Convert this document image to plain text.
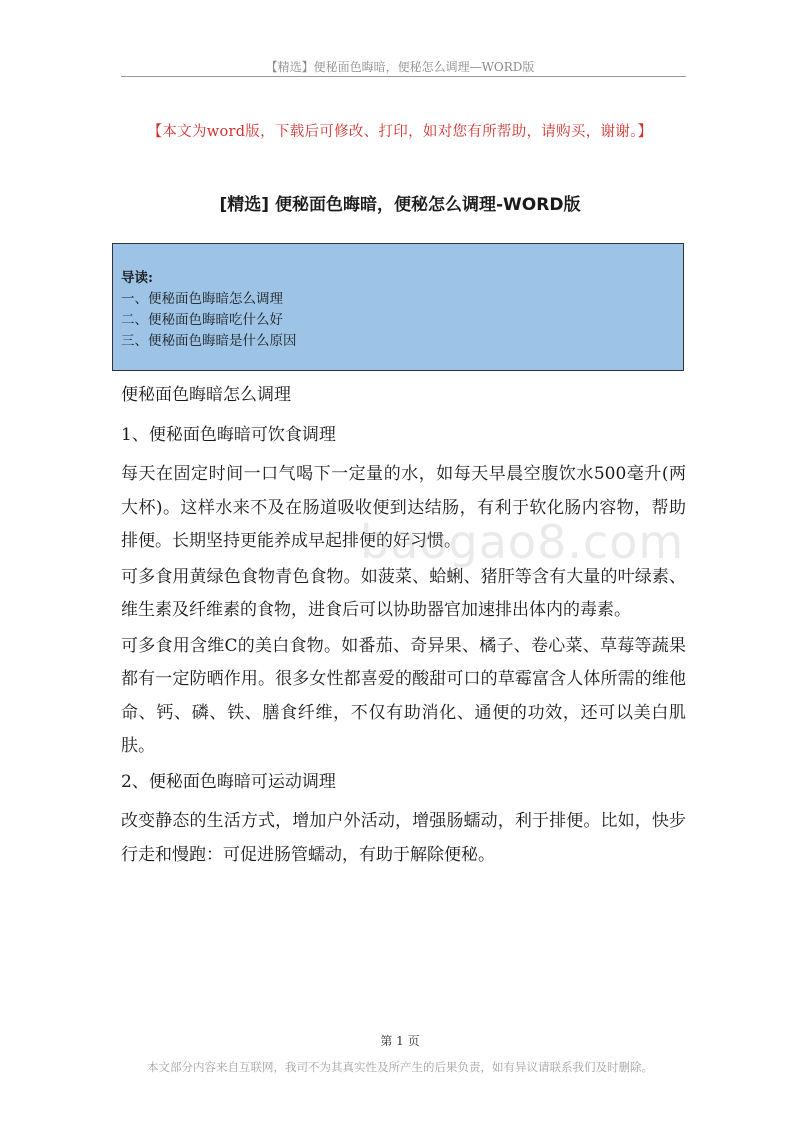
【精选】便秘面色晦暗，便秘怎么调理—WORD版
【本文为word版，下载后可修改、打印，如对您有所帮助，请购买，谢谢。】
[精选] 便秘面色晦暗，便秘怎么调理-WORD版
导读:
一、便秘面色晦暗怎么调理
二、便秘面色晦暗吃什么好
三、便秘面色晦暗是什么原因

便秘面色晦暗怎么调理

1、便秘面色晦暗可饮食调理

每天在固定时间一口气喝下一定量的水，如每天早晨空腹饮水500毫升(两大杯)。这样水来不及在肠道吸收便到达结肠，有利于软化肠内容物，帮助排便。长期坚持更能养成早起排便的好习惯。

可多食用黄绿色食物青色食物。如菠菜、蛤蜊、猪肝等含有大量的叶绿素、维生素及纤维素的食物，进食后可以协助器官加速排出体内的毒素。

可多食用含维C的美白食物。如番茄、奇异果、橘子、卷心菜、草莓等蔬果都有一定防晒作用。很多女性都喜爱的酸甜可口的草霉富含人体所需的维他命、钙、磷、铁、膳食纤维，不仅有助消化、通便的功效，还可以美白肌肤。

2、便秘面色晦暗可运动调理

改变静态的生活方式，增加户外活动，增强肠蠕动，利于排便。比如，快步行走和慢跑：可促进肠管蠕动，有助于解除便秘。

baogao8.com
第 1 页
本文部分内容来自互联网，我司不为其真实性及所产生的后果负责，如有异议请联系我们及时删除。
